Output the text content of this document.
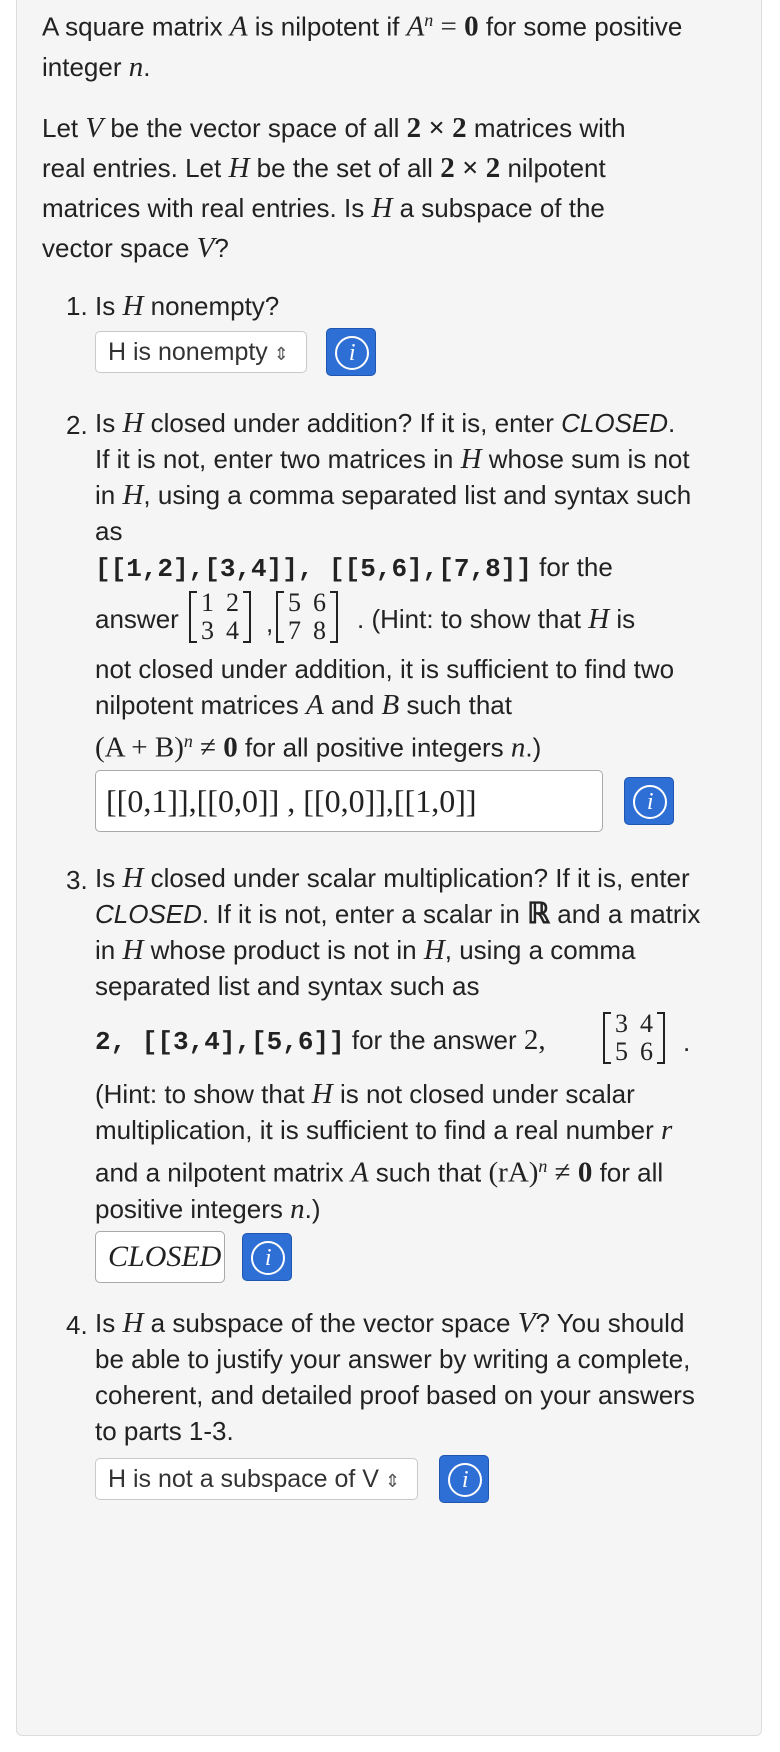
A square matrix A is nilpotent if $A^n = 0$ for some positive integer n.

Let V be the vector space of all 2 × 2 matrices with real entries. Let H be the set of all 2 × 2 nilpotent matrices with real entries. Is H a subspace of the vector space V?

1. Is H nonempty?

H is nonempty ⇕	i
2. Is H closed under addition? If it is, enter CLOSED. If it is not, enter two matrices in H whose sum is not in H, using a comma separated list and syntax such as
[[1,2],[3,4]], [[5,6],[7,8]] for the

answer
1	2
3	4 ,
5	6
7	8 . (Hint: to show that H is

not closed under addition, it is sufficient to find two nilpotent matrices A and B such that
$(A + B)^n \ne 0$ for all positive integers n.)

[[0,1]],[[0,0]] , [[0,0]],[[1,0]]	i
3. Is H closed under scalar multiplication? If it is, enter CLOSED. If it is not, enter a scalar in ℝ and a matrix in H whose product is not in H, using a comma separated list and syntax such as

2, [[3,4],[5,6]] for the answer 2,
3	4
5	6 .

(Hint: to show that H is not closed under scalar multiplication, it is sufficient to find a real number r and a nilpotent matrix A such that (rA)$^n$ ≠ 0 for all positive integers n.)

CLOSED	i
4. Is H a subspace of the vector space V? You should be able to justify your answer by writing a complete, coherent, and detailed proof based on your answers to parts 1-3.

H is not a subspace of V ⇕	i
